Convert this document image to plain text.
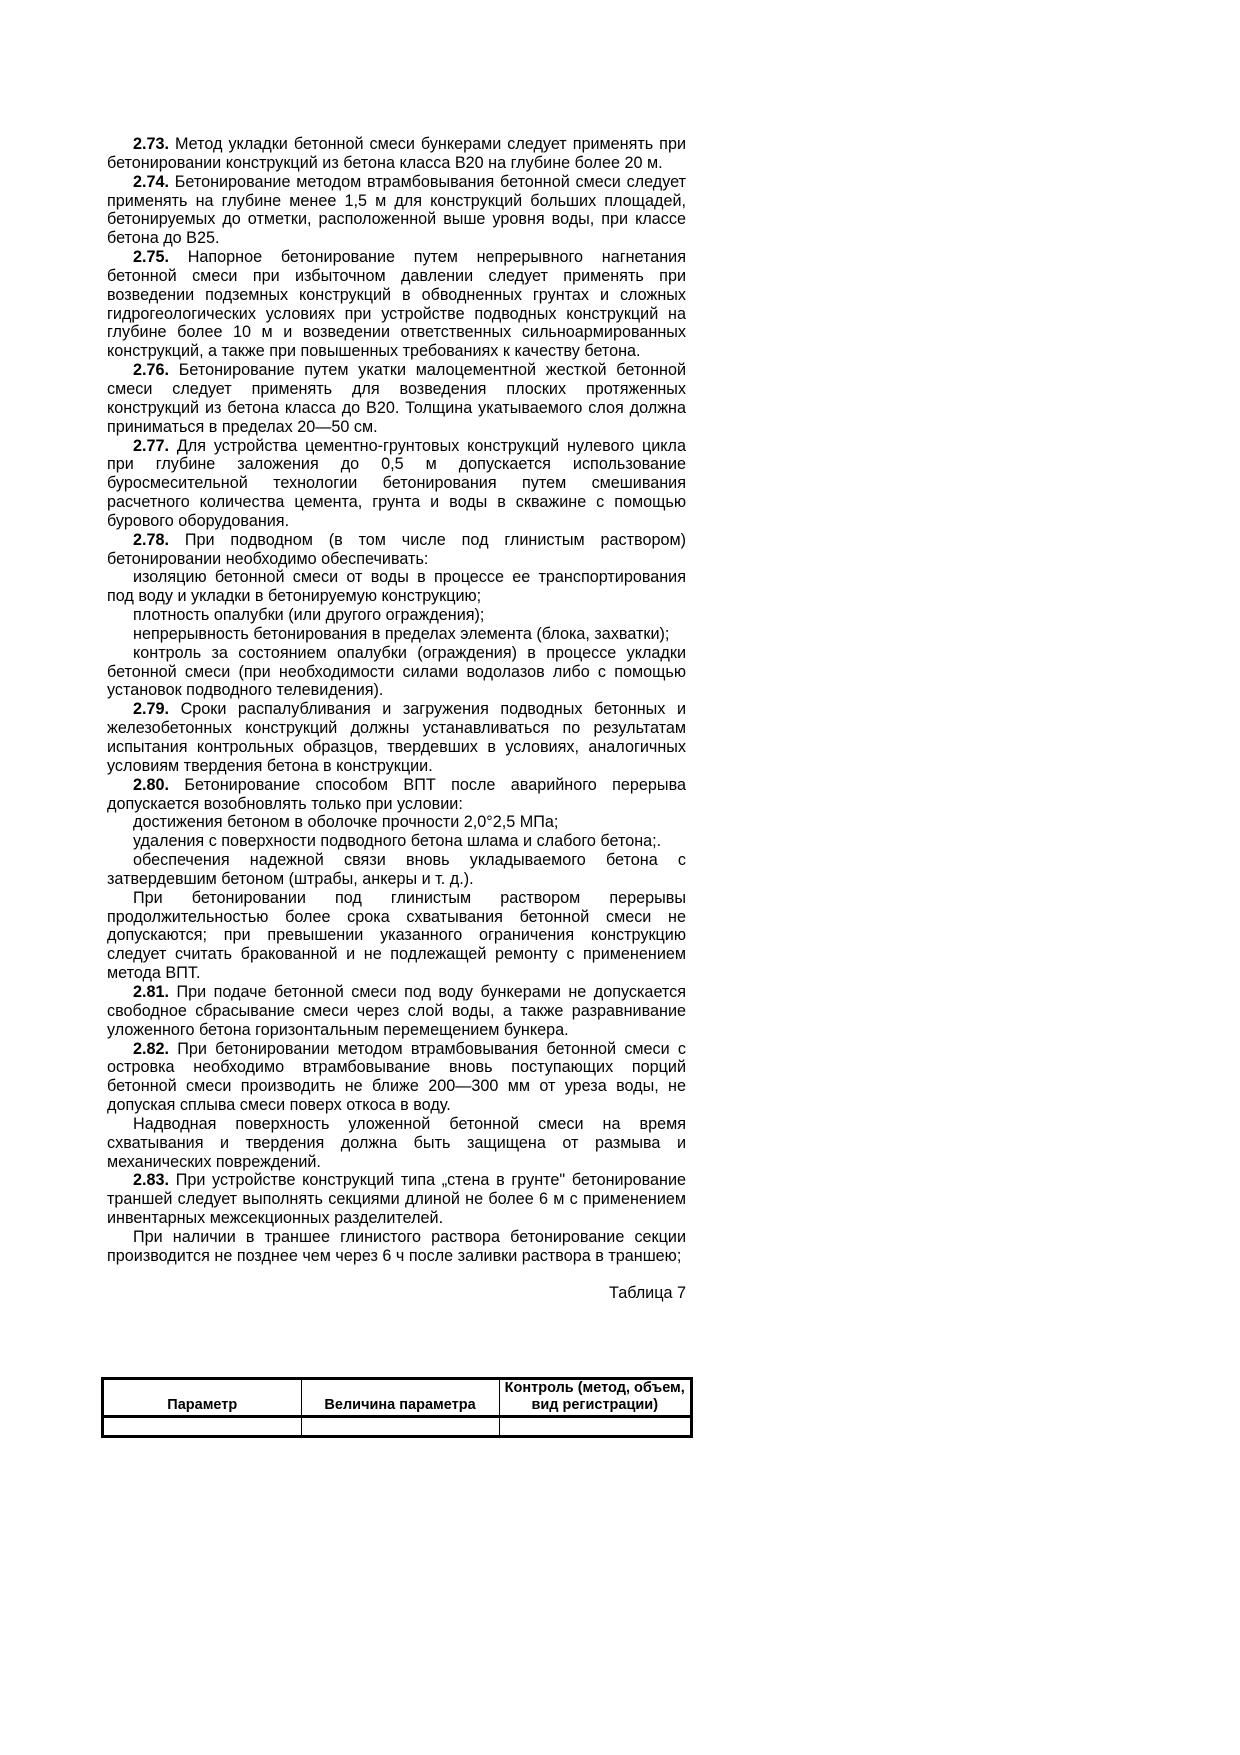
2.73. Метод укладки бетонной смеси бункерами следует применять при бетонировании конструкций из бетона класса В20 на глубине более 20 м.

2.74. Бетонирование методом втрамбовывания бетонной смеси следует применять на глубине менее 1,5 м для конструкций больших площадей, бетонируемых до отметки, расположенной выше уровня воды, при классе бетона до В25.

2.75. Напорное бетонирование путем непрерывного нагнетания бетонной смеси при избыточном давлении следует применять при возведении подземных конструкций в обводненных грунтах и сложных гидрогеологических условиях при устройстве подводных конструкций на глубине более 10 м и возведении ответственных сильноармированных конструкций, а также при повышенных требованиях к качеству бетона.

2.76. Бетонирование путем укатки малоцементной жесткой бетонной смеси следует применять для возведения плоских протяженных конструкций из бетона класса до В20. Толщина укатываемого слоя должна приниматься в пределах 20—50 см.

2.77. Для устройства цементно-грунтовых конструкций нулевого цикла при глубине заложения до 0,5 м допускается использование буросмесительной технологии бетонирования путем смешивания расчетного количества цемента, грунта и воды в скважине с помощью бурового оборудования.

2.78. При подводном (в том числе под глинистым раствором) бетонировании необходимо обеспечивать:

изоляцию бетонной смеси от воды в процессе ее транспортирования под воду и укладки в бетонируемую конструкцию;

плотность опалубки (или другого ограждения);

непрерывность бетонирования в пределах элемента (блока, захватки);

контроль за состоянием опалубки (ограждения) в процессе укладки бетонной смеси (при необходимости силами водолазов либо с помощью установок подводного телевидения).

2.79. Сроки распалубливания и загружения подводных бетонных и железобетонных конструкций должны устанавливаться по результатам испытания контрольных образцов, твердевших в условиях, аналогичных условиям твердения бетона в конструкции.

2.80. Бетонирование способом ВПТ после аварийного перерыва допускается возобновлять только при условии:

достижения бетоном в оболочке прочности 2,0°2,5 МПа;

удаления с поверхности подводного бетона шлама и слабого бетона;.

обеспечения надежной связи вновь укладываемого бетона с затвердевшим бетоном (штрабы, анкеры и т. д.).

При бетонировании под глинистым раствором перерывы продолжительностью более срока схватывания бетонной смеси не допускаются; при превышении указанного ограничения конструкцию следует считать бракованной и не подлежащей ремонту с применением метода ВПТ.

2.81. При подаче бетонной смеси под воду бункерами не допускается свободное сбрасывание смеси через слой воды, а также разравнивание уложенного бетона горизонтальным перемещением бункера.

2.82. При бетонировании методом втрамбовывания бетонной смеси с островка необходимо втрамбовывание вновь поступающих порций бетонной смеси производить не ближе 200—300 мм от уреза воды, не допуская сплыва смеси поверх откоса в воду.

Надводная поверхность уложенной бетонной смеси на время схватывания и твердения должна быть защищена от размыва и механических повреждений.

2.83. При устройстве конструкций типа „стена в грунте" бетонирование траншей следует выполнять секциями длиной не более 6 м с применением инвентарных межсекционных разделителей.

При наличии в траншее глинистого раствора бетонирование секции производится не позднее чем через 6 ч после заливки раствора в траншею;

Таблица 7
Параметр	Величина параметра	Контроль (метод, объем, вид регистрации)
